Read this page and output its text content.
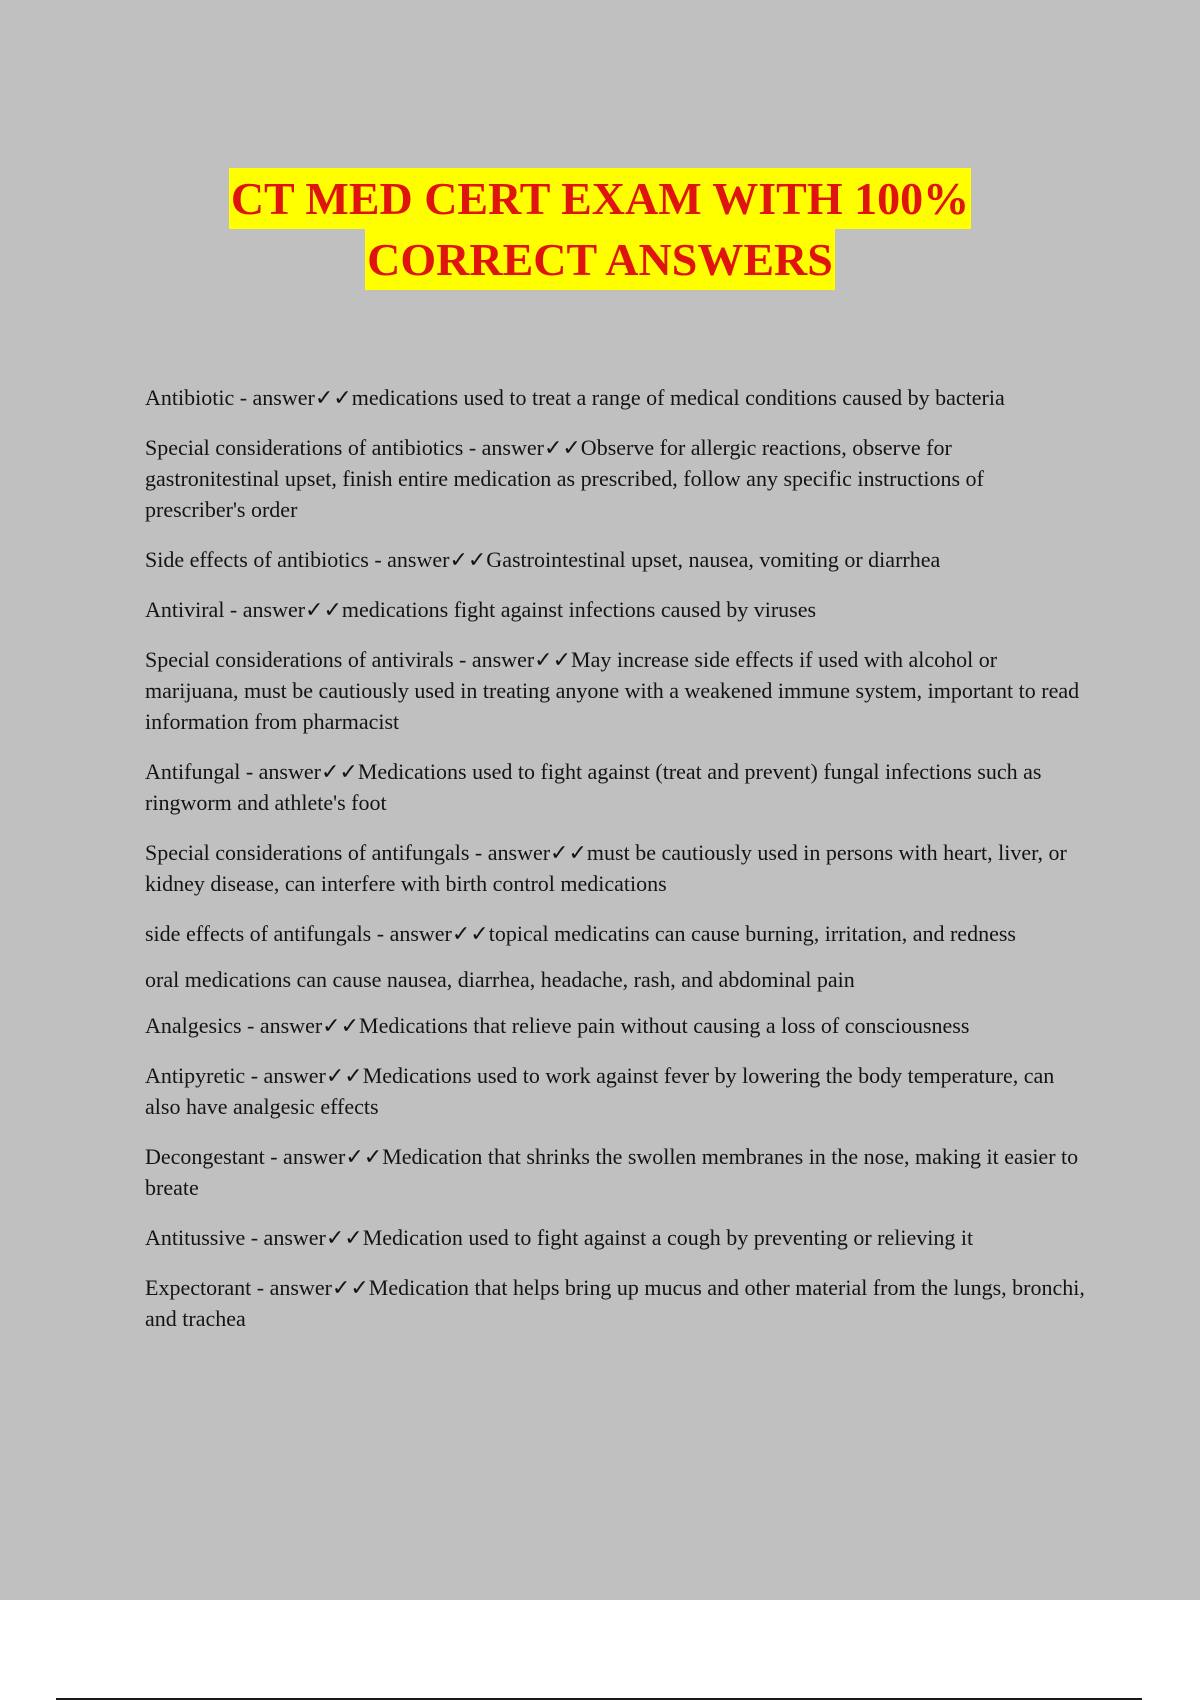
CT MED CERT EXAM WITH 100%
CORRECT ANSWERS

Antibiotic - answer✓✓medications used to treat a range of medical conditions caused by bacteria

Special considerations of antibiotics - answer✓✓Observe for allergic reactions, observe for gastronitestinal upset, finish entire medication as prescribed, follow any specific instructions of prescriber's order

Side effects of antibiotics - answer✓✓Gastrointestinal upset, nausea, vomiting or diarrhea

Antiviral - answer✓✓medications fight against infections caused by viruses

Special considerations of antivirals - answer✓✓May increase side effects if used with alcohol or marijuana, must be cautiously used in treating anyone with a weakened immune system, important to read information from pharmacist

Antifungal - answer✓✓Medications used to fight against (treat and prevent) fungal infections such as ringworm and athlete's foot

Special considerations of antifungals - answer✓✓must be cautiously used in persons with heart, liver, or kidney disease, can interfere with birth control medications

side effects of antifungals - answer✓✓topical medicatins can cause burning, irritation, and redness

oral medications can cause nausea, diarrhea, headache, rash, and abdominal pain

Analgesics - answer✓✓Medications that relieve pain without causing a loss of consciousness

Antipyretic - answer✓✓Medications used to work against fever by lowering the body temperature, can also have analgesic effects

Decongestant - answer✓✓Medication that shrinks the swollen membranes in the nose, making it easier to breate

Antitussive - answer✓✓Medication used to fight against a cough by preventing or relieving it

Expectorant - answer✓✓Medication that helps bring up mucus and other material from the lungs, bronchi, and trachea
